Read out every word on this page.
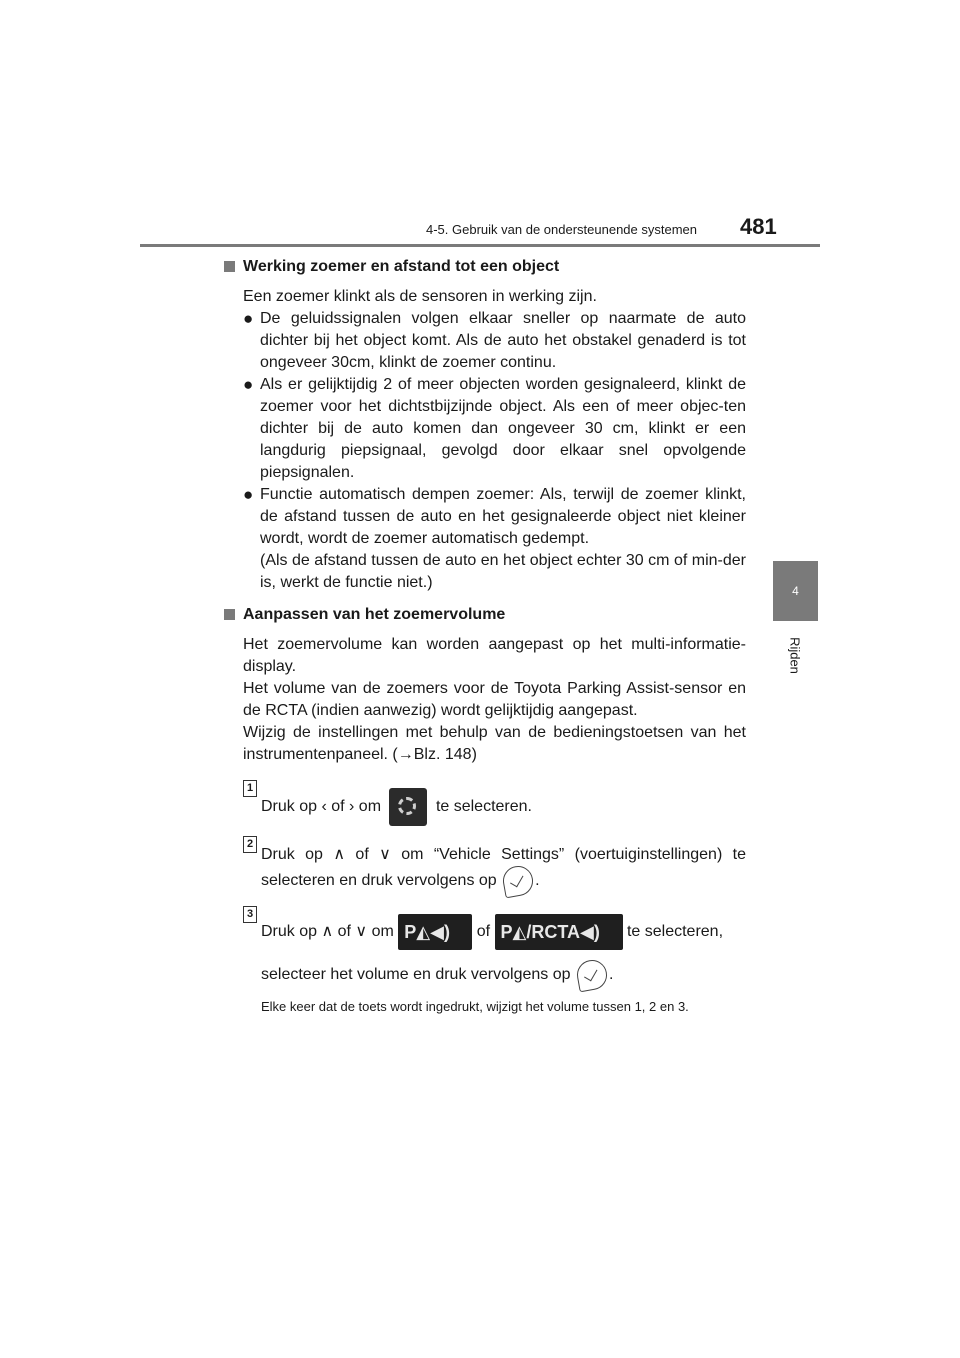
4-5. Gebruik van de ondersteunende systemen 481
4
Rijden
Werking zoemer en afstand tot een object
Een zoemer klinkt als de sensoren in werking zijn.
● De geluidssignalen volgen elkaar sneller op naarmate de auto dichter bij het object komt. Als de auto het obstakel genaderd is tot ongeveer 30cm, klinkt de zoemer continu.
● Als er gelijktijdig 2 of meer objecten worden gesignaleerd, klinkt de zoemer voor het dichtstbijzijnde object. Als een of meer objec-ten dichter bij de auto komen dan ongeveer 30 cm, klinkt er een langdurig piepsignaal, gevolgd door elkaar snel opvolgende piepsignalen.
● Functie automatisch dempen zoemer: Als, terwijl de zoemer klinkt, de afstand tussen de auto en het gesignaleerde object niet kleiner wordt, wordt de zoemer automatisch gedempt.
(Als de afstand tussen de auto en het object echter 30 cm of min-der is, werkt de functie niet.)
Aanpassen van het zoemervolume
Het zoemervolume kan worden aangepast op het multi-informatie-display.
Het volume van de zoemers voor de Toyota Parking Assist-sensor en de RCTA (indien aanwezig) wordt gelijktijdig aangepast.
Wijzig de instellingen met behulp van de bedieningstoetsen van het instrumentenpaneel. (→Blz. 148)
1
Druk op ‹ of › om	te selecteren.
2
Druk op ∧ of ∨ om “Vehicle Settings” (voertuiginstellingen) te selecteren en druk vervolgens op .
3
Druk op ∧ of ∨ om P◭◀) of P◭/RCTA◀) te selecteren,
selecteer het volume en druk vervolgens op .
Elke keer dat de toets wordt ingedrukt, wijzigt het volume tussen 1, 2 en 3.
